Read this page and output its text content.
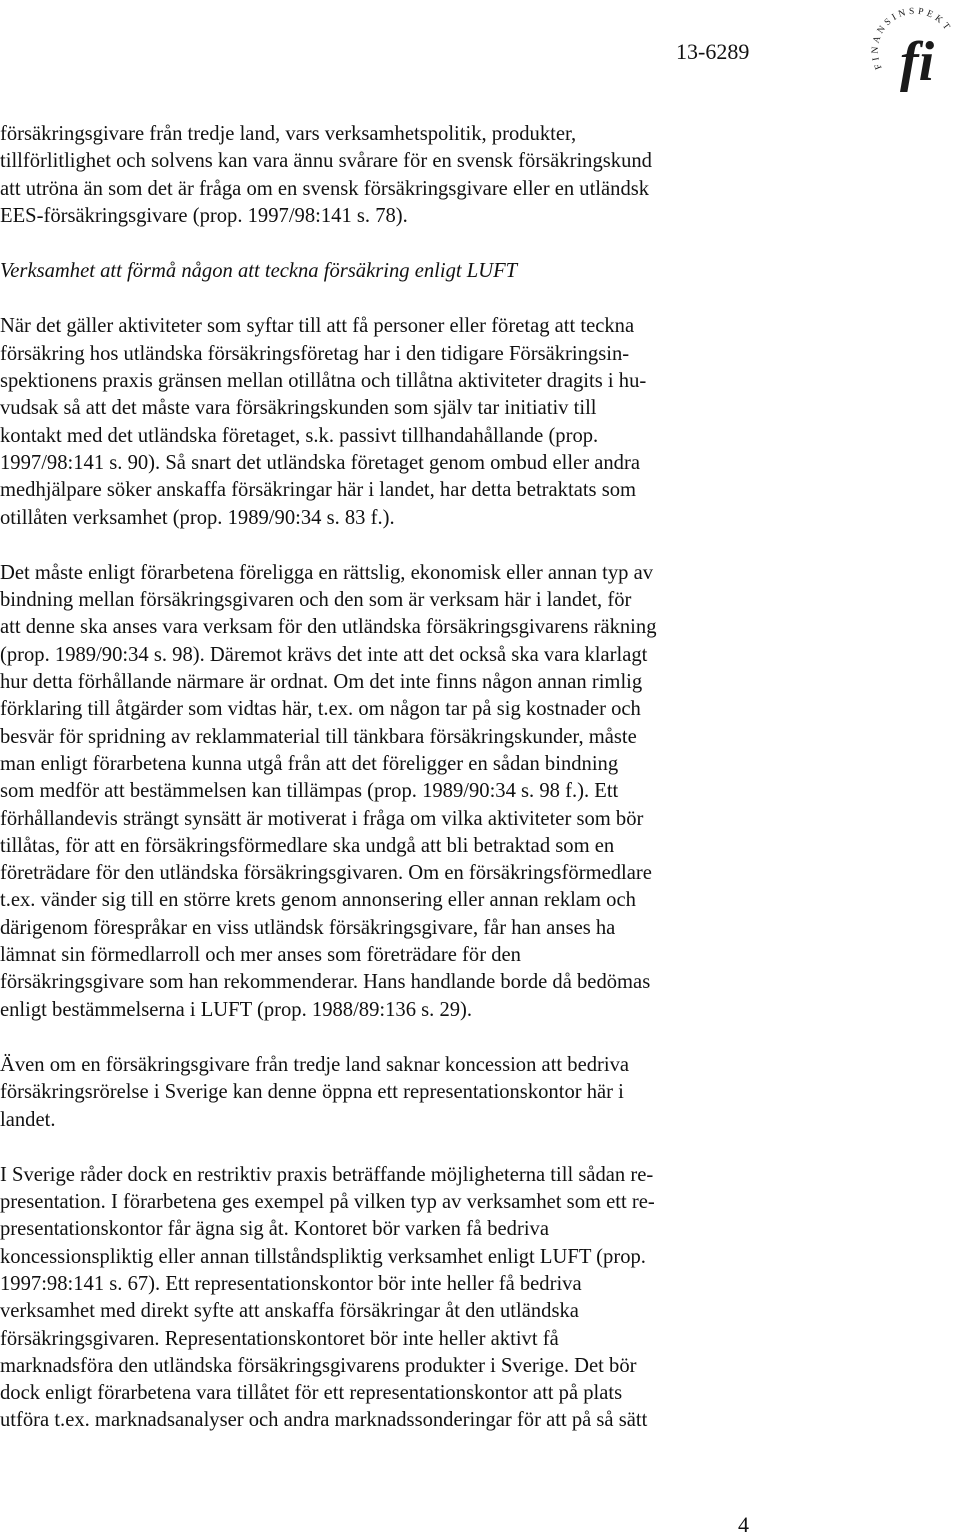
13-6289
FINANSINSPEKT
fi
försäkringsgivare från tredje land, vars verksamhetspolitik, produkter,
tillförlitlighet och solvens kan vara ännu svårare för en svensk försäkringskund
att utröna än som det är fråga om en svensk försäkringsgivare eller en utländsk
EES-försäkringsgivare (prop. 1997/98:141 s. 78).
Verksamhet att förmå någon att teckna försäkring enligt LUFT
När det gäller aktiviteter som syftar till att få personer eller företag att teckna
försäkring hos utländska försäkringsföretag har i den tidigare Försäkringsin-
spektionens praxis gränsen mellan otillåtna och tillåtna aktiviteter dragits i hu-
vudsak så att det måste vara försäkringskunden som själv tar initiativ till
kontakt med det utländska företaget, s.k. passivt tillhandahållande (prop.
1997/98:141 s. 90). Så snart det utländska företaget genom ombud eller andra
medhjälpare söker anskaffa försäkringar här i landet, har detta betraktats som
otillåten verksamhet (prop. 1989/90:34 s. 83 f.).
Det måste enligt förarbetena föreligga en rättslig, ekonomisk eller annan typ av
bindning mellan försäkringsgivaren och den som är verksam här i landet, för
att denne ska anses vara verksam för den utländska försäkringsgivarens räkning
(prop. 1989/90:34 s. 98). Däremot krävs det inte att det också ska vara klarlagt
hur detta förhållande närmare är ordnat. Om det inte finns någon annan rimlig
förklaring till åtgärder som vidtas här, t.ex. om någon tar på sig kostnader och
besvär för spridning av reklammaterial till tänkbara försäkringskunder, måste
man enligt förarbetena kunna utgå från att det föreligger en sådan bindning
som medför att bestämmelsen kan tillämpas (prop. 1989/90:34 s. 98 f.). Ett
förhållandevis strängt synsätt är motiverat i fråga om vilka aktiviteter som bör
tillåtas, för att en försäkringsförmedlare ska undgå att bli betraktad som en
företrädare för den utländska försäkringsgivaren. Om en försäkringsförmedlare
t.ex. vänder sig till en större krets genom annonsering eller annan reklam och
därigenom förespråkar en viss utländsk försäkringsgivare, får han anses ha
lämnat sin förmedlarroll och mer anses som företrädare för den
försäkringsgivare som han rekommenderar. Hans handlande borde då bedömas
enligt bestämmelserna i LUFT (prop. 1988/89:136 s. 29).
Även om en försäkringsgivare från tredje land saknar koncession att bedriva
försäkringsrörelse i Sverige kan denne öppna ett representationskontor här i
landet.
I Sverige råder dock en restriktiv praxis beträffande möjligheterna till sådan re-
presentation. I förarbetena ges exempel på vilken typ av verksamhet som ett re-
presentationskontor får ägna sig åt. Kontoret bör varken få bedriva
koncessionspliktig eller annan tillståndspliktig verksamhet enligt LUFT (prop.
1997:98:141 s. 67). Ett representationskontor bör inte heller få bedriva
verksamhet med direkt syfte att anskaffa försäkringar åt den utländska
försäkringsgivaren. Representationskontoret bör inte heller aktivt få
marknadsföra den utländska försäkringsgivarens produkter i Sverige. Det bör
dock enligt förarbetena vara tillåtet för ett representationskontor att på plats
utföra t.ex. marknadsanalyser och andra marknadssonderingar för att på så sätt
4
